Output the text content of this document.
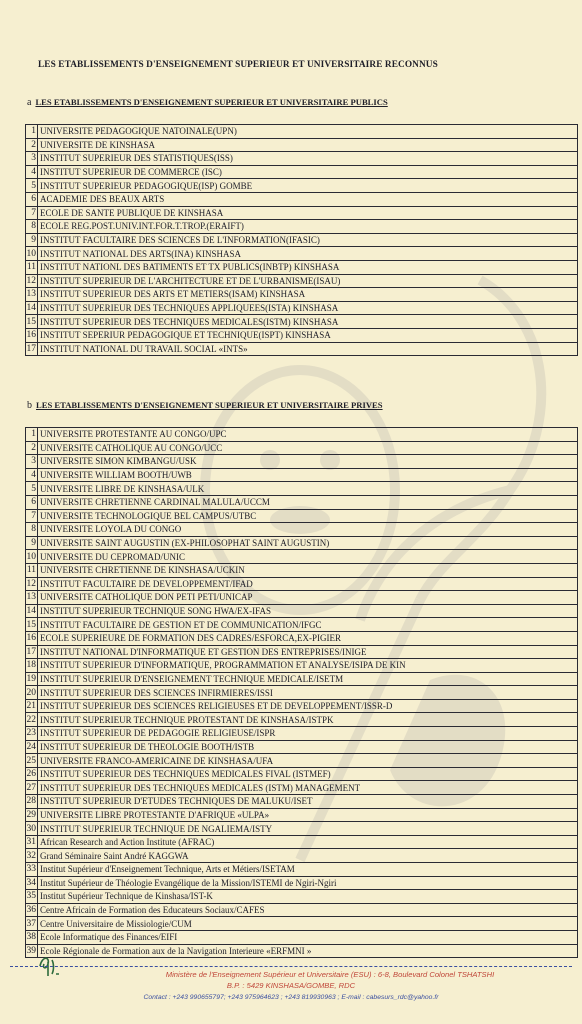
LES ETABLISSEMENTS D'ENSEIGNEMENT SUPERIEUR ET UNIVERSITAIRE RECONNUS
a LES ETABLISSEMENTS D'ENSEIGNEMENT SUPERIEUR ET UNIVERSITAIRE PUBLICS
1	UNIVERSITE PEDAGOGIQUE NATOINALE(UPN)
2	UNIVERSITE DE KINSHASA
3	INSTITUT SUPERIEUR DES STATISTIQUES(ISS)
4	INSTITUT SUPERIEUR DE COMMERCE (ISC)
5	INSTITUT SUPERIEUR PEDAGOGIQUE(ISP) GOMBE
6	ACADEMIE DES BEAUX ARTS
7	ECOLE DE SANTE PUBLIQUE DE KINSHASA
8	ECOLE REG.POST.UNIV.INT.FOR.T.TROP.(ERAIFT)
9	INSTITUT FACULTAIRE DES SCIENCES DE L'INFORMATION(IFASIC)
10	INSTITUT NATIONAL DES ARTS(INA) KINSHASA
11	INSTITUT NATIONL DES BATIMENTS ET TX PUBLICS(INBTP) KINSHASA
12	INSTITUT SUPERIEUR DE L'ARCHITECTURE ET DE L'URBANISME(ISAU)
13	INSTITUT SUPERIEUR DES ARTS ET METIERS(ISAM) KINSHASA
14	INSTITUT SUPERIEUR DES TECHNIQUES APPLIQUEES(ISTA) KINSHASA
15	INSTITUT SUPERIEUR DES TECHNIQUES MEDICALES(ISTM) KINSHASA
16	INSTITUT SEPERIUR PEDAGOGIQUE ET TECHNIQUE(ISPT) KINSHASA
17	INSTITUT NATIONAL DU TRAVAIL SOCIAL «INTS»
b LES ETABLISSEMENTS D'ENSEIGNEMENT SUPERIEUR ET UNIVERSITAIRE PRIVES
1	UNIVERSITE PROTESTANTE AU CONGO/UPC
2	UNIVERSITE CATHOLIQUE AU CONGO/UCC
3	UNIVERSITE SIMON KIMBANGU/USK
4	UNIVERSITE WILLIAM BOOTH/UWB
5	UNIVERSITE LIBRE DE KINSHASA/ULK
6	UNIVERSITE CHRETIENNE CARDINAL MALULA/UCCM
7	UNIVERSITE TECHNOLOGIQUE BEL CAMPUS/UTBC
8	UNIVERSITE LOYOLA DU CONGO
9	UNIVERSITE SAINT AUGUSTIN (EX-PHILOSOPHAT SAINT AUGUSTIN)
10	UNIVERSITE DU CEPROMAD/UNIC
11	UNIVERSITE CHRETIENNE DE KINSHASA/UCKIN
12	INSTITUT FACULTAIRE DE DEVELOPPEMENT/IFAD
13	UNIVERSITE CATHOLIQUE DON PETI PETI/UNICAP
14	INSTITUT SUPERIEUR TECHNIQUE SONG HWA/EX-IFAS
15	INSTITUT FACULTAIRE DE GESTION ET DE COMMUNICATION/IFGC
16	ECOLE SUPERIEURE DE FORMATION DES CADRES/ESFORCA,EX-PIGIER
17	INSTITUT NATIONAL D'INFORMATIQUE ET GESTION DES ENTREPRISES/INIGE
18	INSTITUT SUPERIEUR D'INFORMATIQUE, PROGRAMMATION ET ANALYSE/ISIPA DE KIN
19	INSTITUT SUPERIEUR D'ENSEIGNEMENT TECHNIQUE MEDICALE/ISETM
20	INSTITUT SUPERIEUR DES SCIENCES INFIRMIERES/ISSI
21	INSTITUT SUPERIEUR DES SCIENCES RELIGIEUSES ET DE DEVELOPPEMENT/ISSR-D
22	INSTITUT SUPERIEUR TECHNIQUE PROTESTANT DE KINSHASA/ISTPK
23	INSTITUT SUPERIEUR DE PEDAGOGIE RELIGIEUSE/ISPR
24	INSTITUT SUPERIEUR DE THEOLOGIE BOOTH/ISTB
25	UNIVERSITE FRANCO-AMERICAINE DE KINSHASA/UFA
26	INSTITUT SUPERIEUR DES TECHNIQUES MEDICALES FIVAL (ISTMEF)
27	INSTITUT SUPERIEUR DES TECHNIQUES MEDICALES (ISTM) MANAGEMENT
28	INSTITUT SUPERIEUR D'ETUDES TECHNIQUES DE MALUKU/ISET
29	UNIVERSITE LIBRE PROTESTANTE D'AFRIQUE «ULPA»
30	INSTITUT SUPERIEUR TECHNIQUE DE NGALIEMA/ISTY
31	African Research and Action Institute (AFRAC)
32	Grand Séminaire Saint André KAGGWA
33	Institut Supérieur d'Enseignement Technique, Arts et Métiers/ISETAM
34	Institut Supérieur de Théologie Evangélique de la Mission/ISTEMI de Ngiri-Ngiri
35	Institut Supérieur Technique de Kinshasa/IST-K
36	Centre Africain de Formation des Educateurs Sociaux/CAFES
37	Centre Universitaire de Missiologie/CUM
38	Ecole Informatique des Finances/EIFI
39	Ecole Régionale de Formation aux de la Navigation Interieure «ERFMNI »
Ministère de l'Enseignement Supérieur et Universitaire (ESU) : 6-8, Boulevard Colonel TSHATSHI
B.P. : 5429 KINSHASA/GOMBE, RDC
Contact : +243 990655797; +243 975964623 ; +243 819930963 ; E-mail : cabesurs_rdc@yahoo.fr
